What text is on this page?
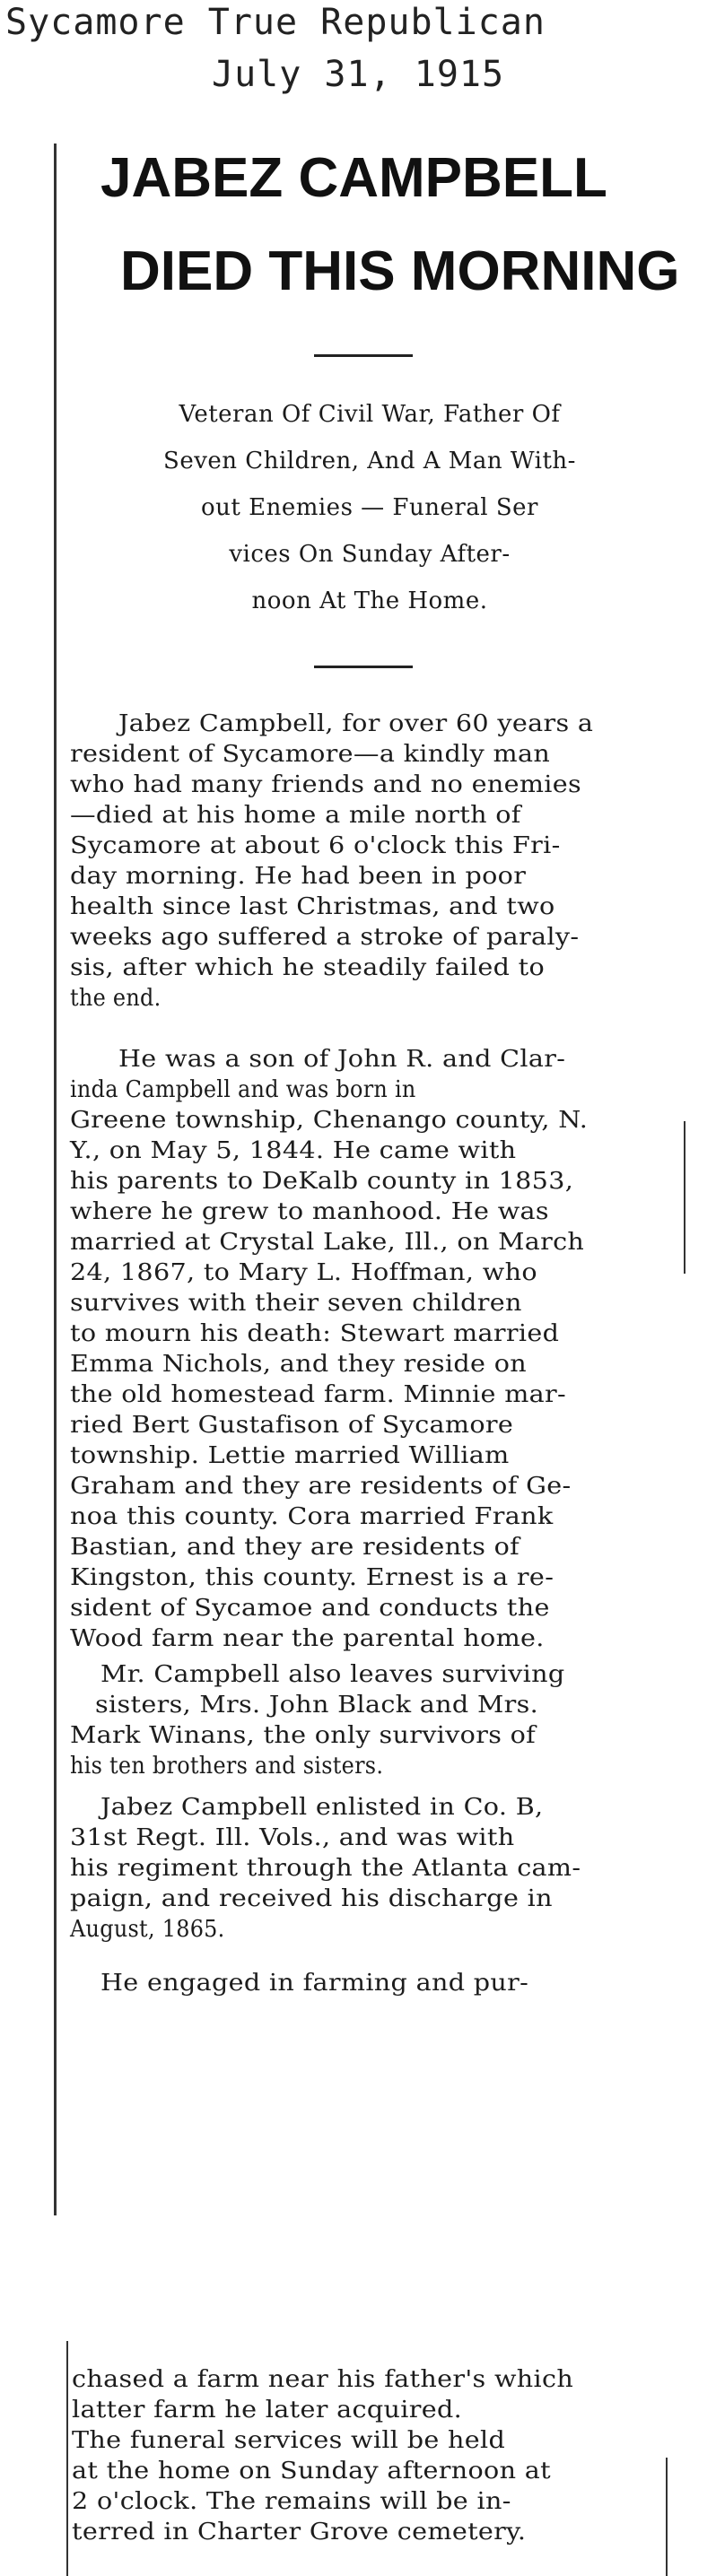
Sycamore True Republican
July 31, 1915
JABEZ CAMPBELL
DIED THIS MORNING
Veteran Of Civil War, Father Of
Seven Children, And A Man With-
out Enemies — Funeral Ser
vices On Sunday After-
noon At The Home.
Jabez Campbell, for over 60 years a
resident of Sycamore—a kindly man
who had many friends and no enemies
—died at his home a mile north of
Sycamore at about 6 o'clock this Fri-
day morning. He had been in poor
health since last Christmas, and two
weeks ago suffered a stroke of paraly-
sis, after which he steadily failed to
the end.
He was a son of John R. and Clar-
inda Campbell and was born in
Greene township, Chenango county, N.
Y., on May 5, 1844. He came with
his parents to DeKalb county in 1853,
where he grew to manhood. He was
married at Crystal Lake, Ill., on March
24, 1867, to Mary L. Hoffman, who
survives with their seven children
to mourn his death: Stewart married
Emma Nichols, and they reside on
the old homestead farm. Minnie mar-
ried Bert Gustafison of Sycamore
township. Lettie married William
Graham and they are residents of Ge-
noa this county. Cora married Frank
Bastian, and they are residents of
Kingston, this county. Ernest is a re-
sident of Sycamoe and conducts the
Wood farm near the parental home.
Mr. Campbell also leaves surviving
sisters, Mrs. John Black and Mrs.
Mark Winans, the only survivors of
his ten brothers and sisters.
Jabez Campbell enlisted in Co. B,
31st Regt. Ill. Vols., and was with
his regiment through the Atlanta cam-
paign, and received his discharge in
August, 1865.
He engaged in farming and pur-
chased a farm near his father's which
latter farm he later acquired.
The funeral services will be held
at the home on Sunday afternoon at
2 o'clock. The remains will be in-
terred in Charter Grove cemetery.
